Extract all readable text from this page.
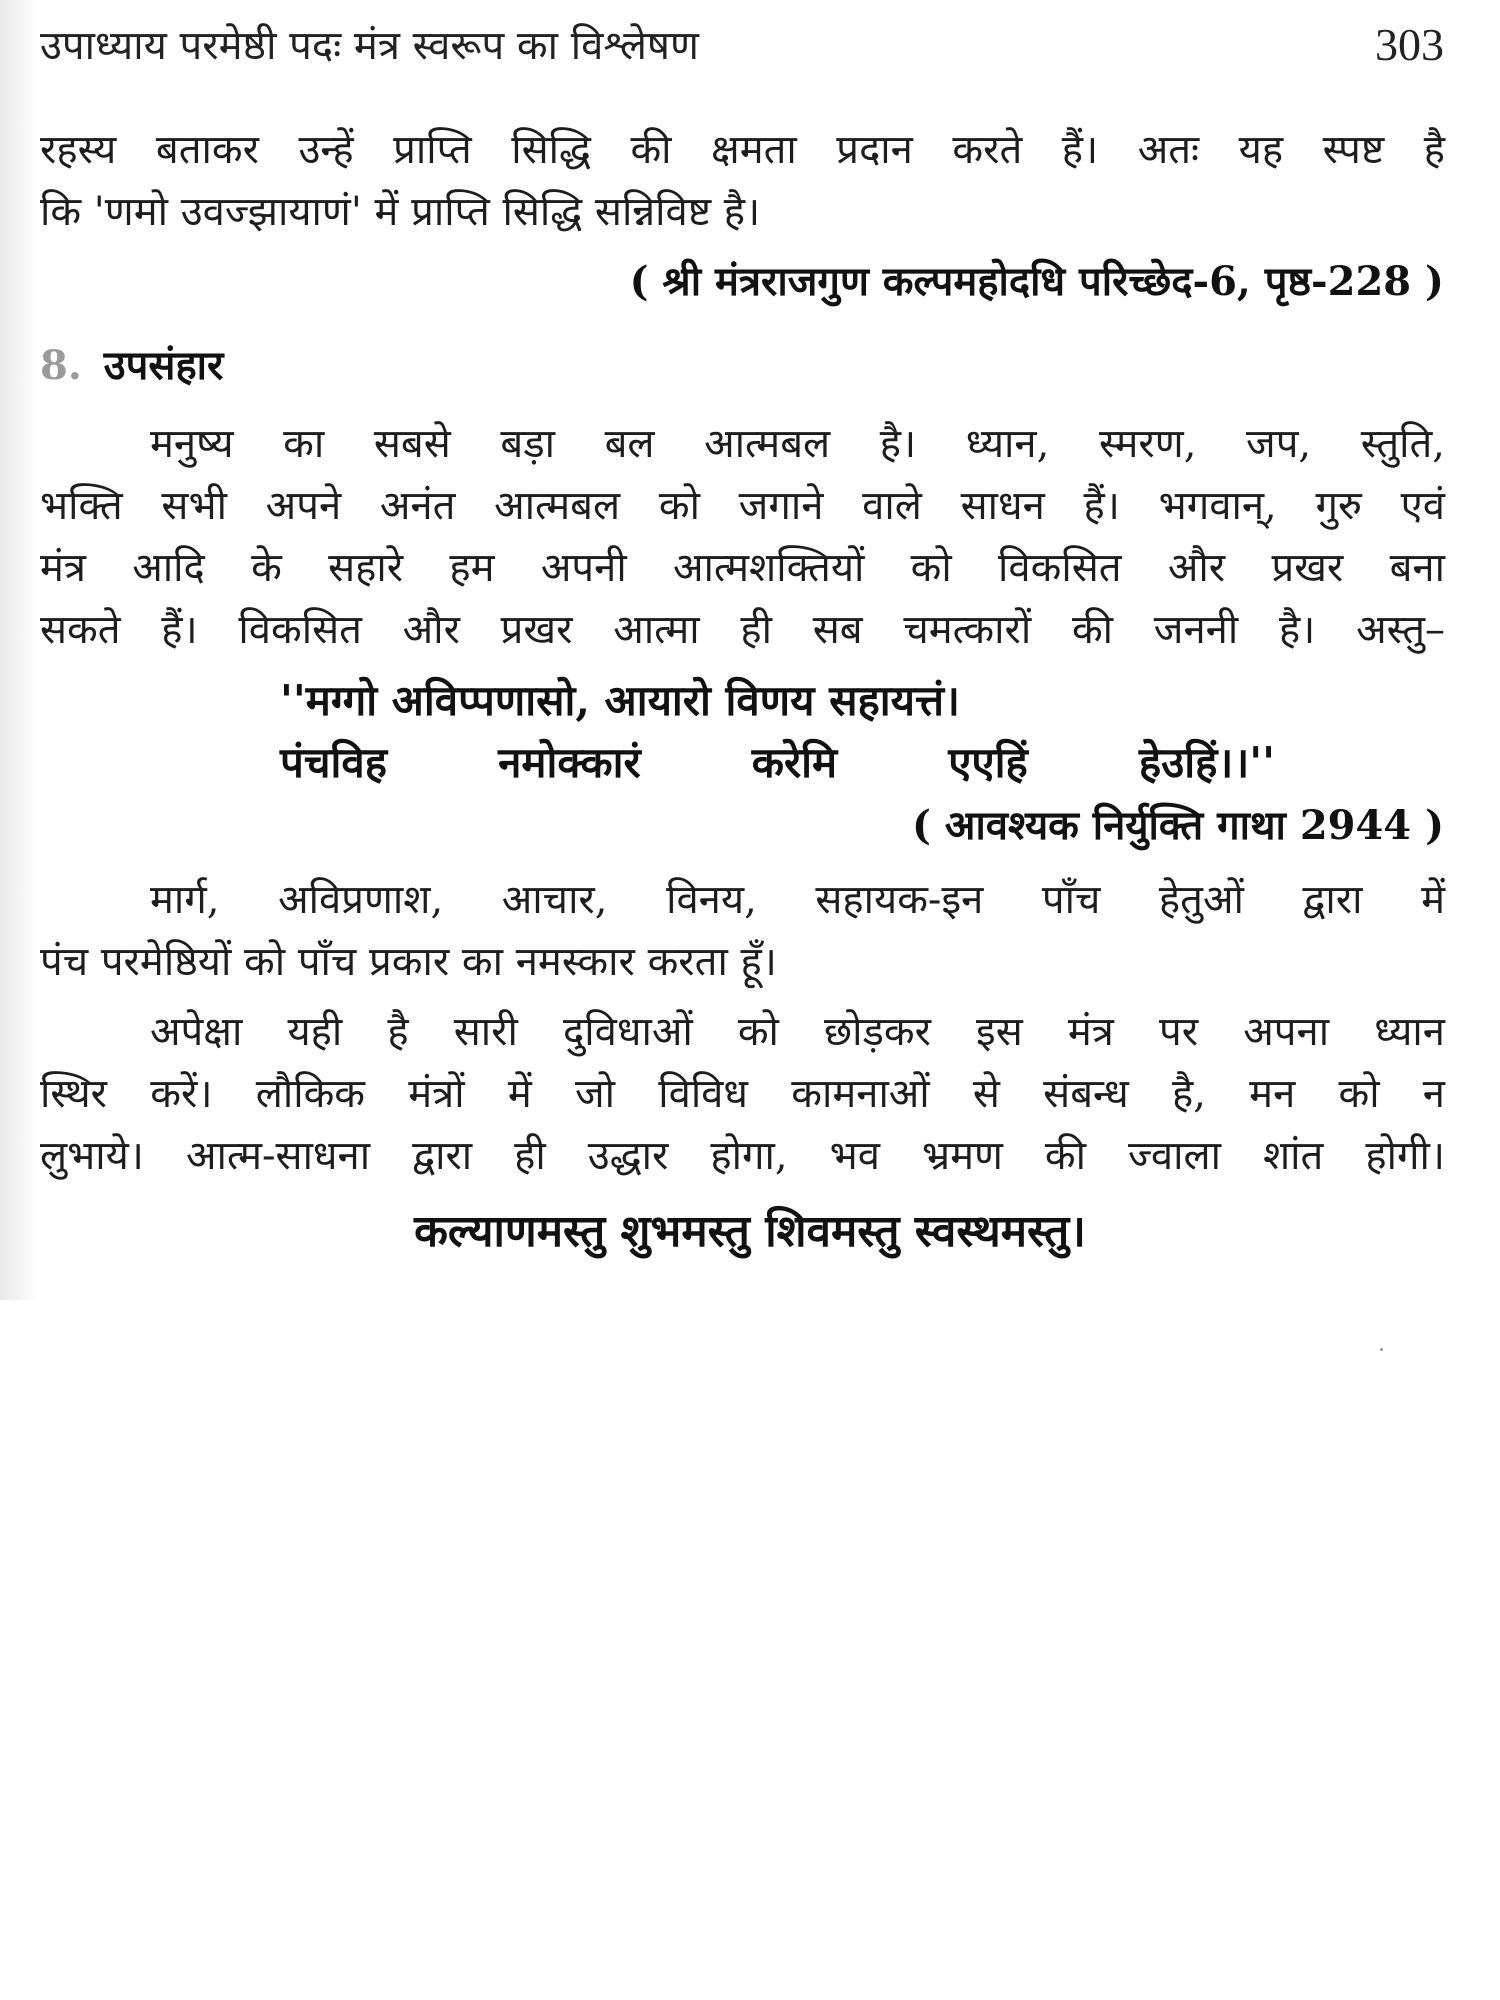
उपाध्याय परमेष्ठी पदः मंत्र स्वरूप का विश्लेषण	303
रहस्य बताकर उन्हें प्राप्ति सिद्धि की क्षमता प्रदान करते हैं। अतः यह स्पष्ट है
कि 'णमो उवज्झायाणं' में प्राप्ति सिद्धि सन्निविष्ट है।
( श्री मंत्रराजगुण कल्पमहोदधि परिच्छेद-6, पृष्ठ-228 )
8. उपसंहार
मनुष्य का सबसे बड़ा बल आत्मबल है। ध्यान, स्मरण, जप, स्तुति,
भक्ति सभी अपने अनंत आत्मबल को जगाने वाले साधन हैं। भगवान्, गुरु एवं
मंत्र आदि के सहारे हम अपनी आत्मशक्तियों को विकसित और प्रखर बना
सकते हैं। विकसित और प्रखर आत्मा ही सब चमत्कारों की जननी है। अस्तु–
''मग्गो अविप्पणासो, आयारो विणय सहायत्तं।
पंचविह	नमोक्कारं	करेमि	एएहिं	हेउहिं।।''
( आवश्यक निर्युक्ति गाथा 2944 )
मार्ग, अविप्रणाश, आचार, विनय, सहायक-इन पाँच हेतुओं द्वारा में
पंच परमेष्ठियों को पाँच प्रकार का नमस्कार करता हूँ।
अपेक्षा यही है सारी दुविधाओं को छोड़कर इस मंत्र पर अपना ध्यान
स्थिर करें। लौकिक मंत्रों में जो विविध कामनाओं से संबन्ध है, मन को न
लुभाये। आत्म-साधना द्वारा ही उद्धार होगा, भव भ्रमण की ज्वाला शांत होगी।
कल्याणमस्तु शुभमस्तु शिवमस्तु स्वस्थमस्तु।
